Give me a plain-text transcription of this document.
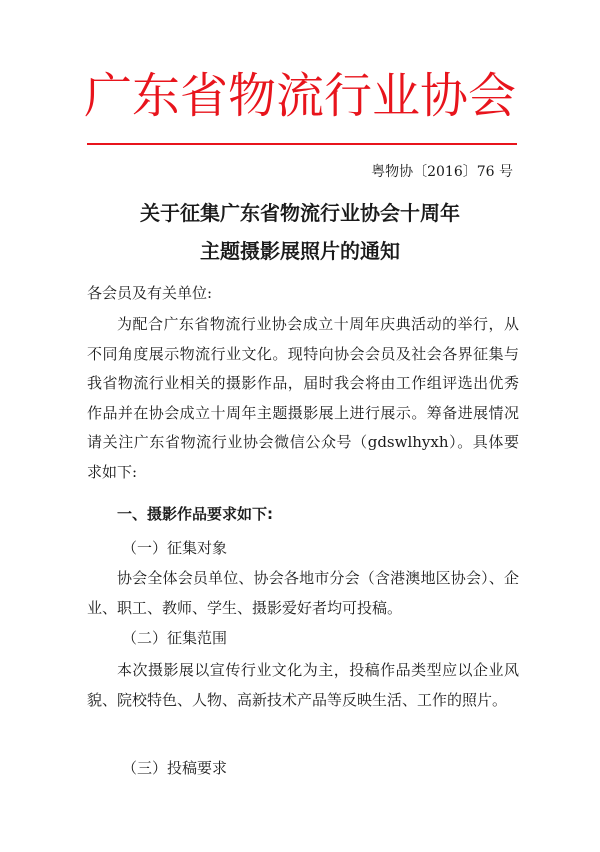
广东省物流行业协会
粤物协〔2016〕76 号
关于征集广东省物流行业协会十周年
主题摄影展照片的通知
各会员及有关单位:
为配合广东省物流行业协会成立十周年庆典活动的举行，从不同角度展示物流行业文化。现特向协会会员及社会各界征集与我省物流行业相关的摄影作品，届时我会将由工作组评选出优秀作品并在协会成立十周年主题摄影展上进行展示。筹备进展情况请关注广东省物流行业协会微信公众号（gdswlhyxh）。具体要求如下:
一、摄影作品要求如下:
（一）征集对象
协会全体会员单位、协会各地市分会（含港澳地区协会）、企业、职工、教师、学生、摄影爱好者均可投稿。
（二）征集范围
本次摄影展以宣传行业文化为主，投稿作品类型应以企业风貌、院校特色、人物、高新技术产品等反映生活、工作的照片。
（三）投稿要求
